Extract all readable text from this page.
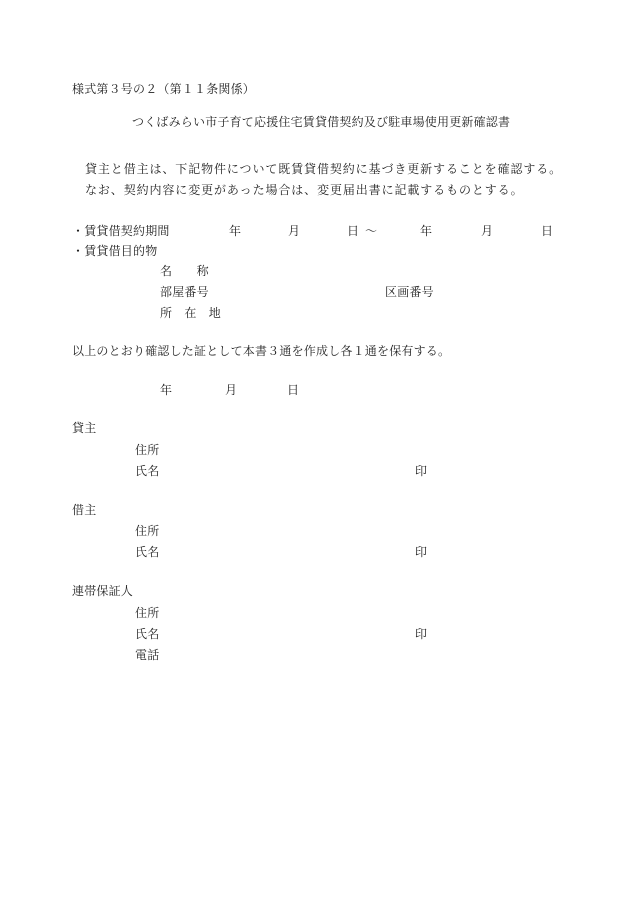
様式第３号の２（第１１条関係）
つくばみらい市子育て応援住宅賃貸借契約及び駐車場使用更新確認書
貸主と借主は、下記物件について既賃貸借契約に基づき更新することを確認する。
なお、契約内容に変更があった場合は、変更届出書に記載するものとする。
・賃貸借契約期間	年	月	日 ～	年	月	日
・賃貸借目的物
名　　称
部屋番号	区画番号
所　在　地
以上のとおり確認した証として本書３通を作成し各１通を保有する。
年	月	日
貸主
住所
氏名	印
借主
住所
氏名	印
連帯保証人
住所
氏名	印
電話
